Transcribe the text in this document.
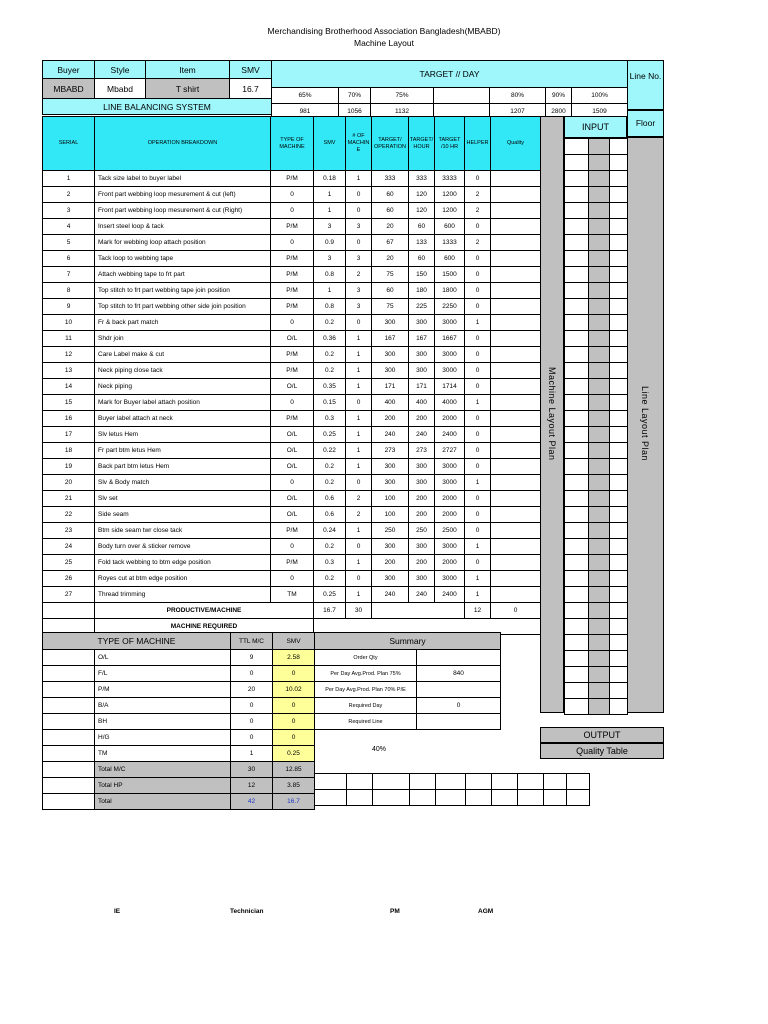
Merchandising Brotherhood Association Bangladesh(MBABD)
Machine Layout
Buyer	Style	Item	SMV
MBABD	Mbabd	T shirt	16.7
LINE BALANCING SYSTEM			
TARGET // DAY						
65%	70%	75%		80%	90%	100%
981	1056	1132		1207	2800	1509
Line No.
Floor
SERIAL	OPERATION BREAKDOWN	TYPE OF MACHINE	SMV	# OF MACHIN E	TARGET/ OPERATION	TARGET/ HOUR	TARGET /10 HR	HELPER	Quality
1	Tack size label to buyer label	P/M	0.18	1	333	333	3333	0	
2	Front part webbing loop mesurement & cut (left)	0	1	0	60	120	1200	2	
3	Front part webbing loop mesurement & cut (Right)	0	1	0	60	120	1200	2	
4	Insert steel loop & tack	P/M	3	3	20	60	600	0	
5	Mark for webbing loop attach position	0	0.9	0	67	133	1333	2	
6	Tack loop to webbing tape	P/M	3	3	20	60	600	0	
7	Attach webbing tape to frt part	P/M	0.8	2	75	150	1500	0	
8	Top stitch to frt part webbing tape join position	P/M	1	3	60	180	1800	0	
9	Top stitch to frt part webbing other side join position	P/M	0.8	3	75	225	2250	0	
10	Fr & back part match	0	0.2	0	300	300	3000	1	
11	Shdr join	O/L	0.36	1	167	167	1667	0	
12	Care Label make & cut	P/M	0.2	1	300	300	3000	0	
13	Neck piping close tack	P/M	0.2	1	300	300	3000	0	
14	Neck piping	O/L	0.35	1	171	171	1714	0	
15	Mark for Buyer label attach position	0	0.15	0	400	400	4000	1	
16	Buyer label attach at neck	P/M	0.3	1	200	200	2000	0	
17	Slv letus Hem	O/L	0.25	1	240	240	2400	0	
18	Fr part btm letus Hem	O/L	0.22	1	273	273	2727	0	
19	Back part btm letus Hem	O/L	0.2	1	300	300	3000	0	
20	Slv & Body match	0	0.2	0	300	300	3000	1	
21	Slv set	O/L	0.6	2	100	200	2000	0	
22	Side seam	O/L	0.6	2	100	200	2000	0	
23	Btm side seam twr close tack	P/M	0.24	1	250	250	2500	0	
24	Body turn over & sticker remove	0	0.2	0	300	300	3000	1	
25	Fold tack webbing to btm edge position	P/M	0.3	1	200	200	2000	0	
26	Royes cut at btm edge position	0	0.2	0	300	300	3000	1	
27	Thread trimming	TM	0.25	1	240	240	2400	1	
	PRODUCTIVE/MACHINE		16.7	30				12	0
	MACHINE REQUIRED								
TYPE OF MACHINE		TTL M/C	SMV
	O/L	9	2.58
	F/L	0	0
	P/M	20	10.02
	B/A	0	0
	BH	0	0
	H/G	0	0
	TM	1	0.25
	Total M/C	30	12.85
	Total HP	12	3.85
	Total	42	16.7
Summary	
Order Qty	
Per Day Avg.Prod. Plan 75%	840
Per Day Avg.Prod. Plan 70% P/E	
Required Day	0
Required Line	
40%

Machine Layout Plan
INPUT

Line Layout Plan
OUTPUT
Quality Table
IE	Technician	PM	AGM
